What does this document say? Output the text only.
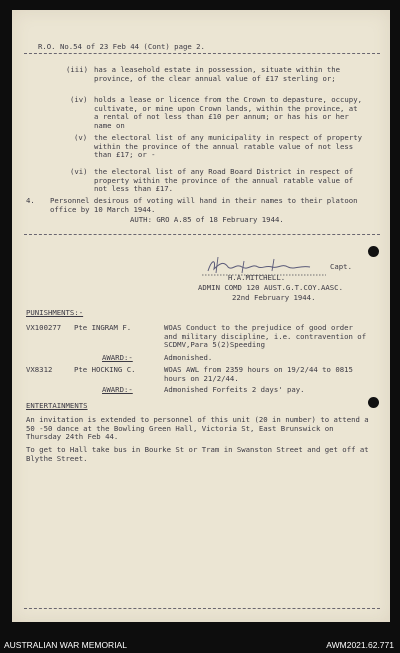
R.O. No.54 of 23 Feb 44 (Cont) page 2.

(iii) has a leasehold estate in possession, situate within the province, of the clear annual value of £17 sterling or;

(iv) holds a lease or licence from the Crown to depasture, occupy, cultivate, or mine upon Crown lands, within the province, at a rental of not less than £10 per annum; or has his or her name on

(v) the electoral list of any municipality in respect of property within the province of the annual ratable value of not less than £17; or -

(vi) the electoral list of any Road Board District in respect of property within the province of the annual ratable value of not less than £17.

4. Personnel desirous of voting will hand in their names to their platoon office by 10 March 1944.

AUTH: GRO A.85 of 18 February 1944.

Capt.

H.A.MITCHELL.

ADMIN COMD 120 AUST.G.T.COY.AASC.

22nd February 1944.

PUNISHMENTS:-

VX100277 Pte INGRAM F.	WOAS Conduct to the prejudice of good order and military discipline, i.e. contravention of SCDMV,Para 5(2)Speeding

AWARD:-	Admonished.

VX8312	Pte HOCKING C.	WOAS AWL from 2359 hours on 19/2/44 to 0815 hours on 21/2/44.

AWARD:-	Admonished Forfeits 2 days' pay.

ENTERTAINMENTS

An invitation is extended to personnel of this unit (20 in number) to attend a 50 -50 dance at the Bowling Green Hall, Victoria St, East Brunswick on Thursday 24th Feb 44.

To get to Hall take bus in Bourke St or Tram in Swanston Street and get off at Blythe Street.

AUSTRALIAN WAR MEMORIAL	AWM2021.62.771
